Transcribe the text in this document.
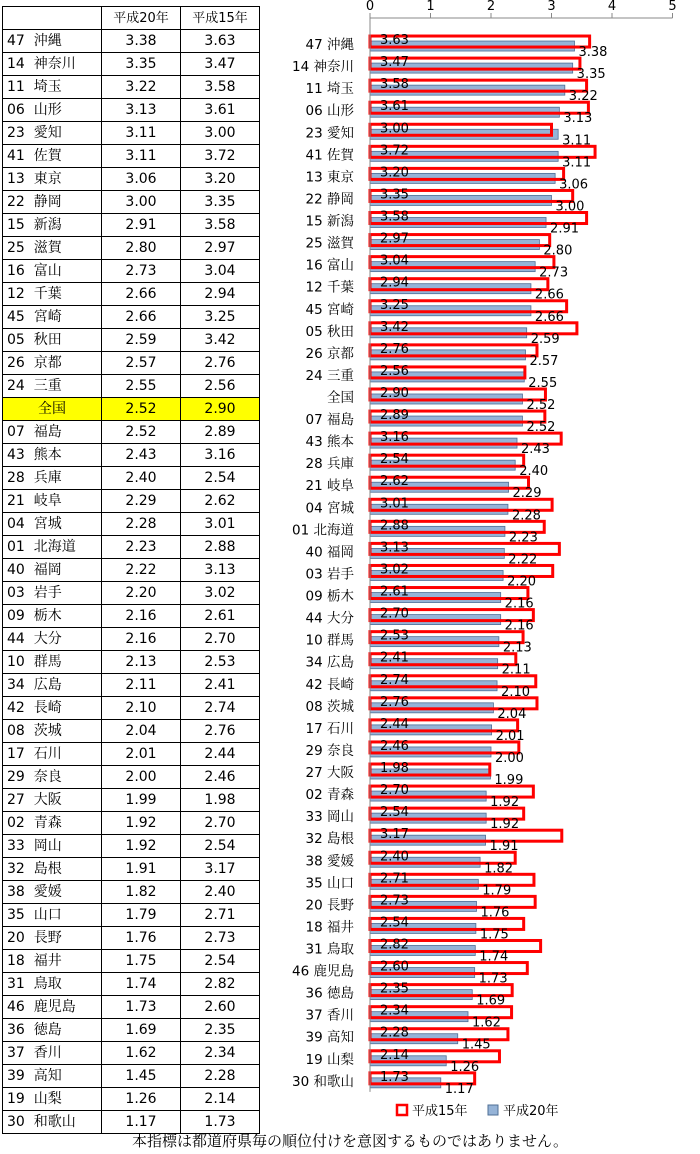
	平成20年	平成15年
47  沖縄	3.38	3.63
14  神奈川	3.35	3.47
11  埼玉	3.22	3.58
06  山形	3.13	3.61
23  愛知	3.11	3.00
41  佐賀	3.11	3.72
13  東京	3.06	3.20
22  静岡	3.00	3.35
15  新潟	2.91	3.58
25  滋賀	2.80	2.97
16  富山	2.73	3.04
12  千葉	2.66	2.94
45  宮崎	2.66	3.25
05  秋田	2.59	3.42
26  京都	2.57	2.76
24  三重	2.55	2.56
全国	2.52	2.90
07  福島	2.52	2.89
43  熊本	2.43	3.16
28  兵庫	2.40	2.54
21  岐阜	2.29	2.62
04  宮城	2.28	3.01
01  北海道	2.23	2.88
40  福岡	2.22	3.13
03  岩手	2.20	3.02
09  栃木	2.16	2.61
44  大分	2.16	2.70
10  群馬	2.13	2.53
34  広島	2.11	2.41
42  長崎	2.10	2.74
08  茨城	2.04	2.76
17  石川	2.01	2.44
29  奈良	2.00	2.46
27  大阪	1.99	1.98
02  青森	1.92	2.70
33  岡山	1.92	2.54
32  島根	1.91	3.17
38  愛媛	1.82	2.40
35  山口	1.79	2.71
20  長野	1.76	2.73
18  福井	1.75	2.54
31  鳥取	1.74	2.82
46  鹿児島	1.73	2.60
36  徳島	1.69	2.35
37  香川	1.62	2.34
39  高知	1.45	2.28
19  山梨	1.26	2.14
30  和歌山	1.17	1.73
0	1	2	3	4	5
47 沖縄 3.63
3.38
14 神奈川 3.47
3.35
11 埼玉 3.58
3.22
06 山形 3.61
3.13
23 愛知 3.00
3.11
41 佐賀 3.72
3.11
13 東京 3.20
3.06
22 静岡 3.35
3.00
15 新潟 3.58
2.91
25 滋賀 2.97
2.80
16 富山 3.04
2.73
12 千葉 2.94
2.66
45 宮崎 3.25
2.66
05 秋田 3.42
2.59
26 京都 2.76
2.57
24 三重 2.56
2.55
全国 2.90
2.52
07 福島 2.89
2.52
43 熊本 3.16
2.43
28 兵庫 2.54
2.40
21 岐阜 2.62
2.29
04 宮城 3.01
2.28
01 北海道 2.88
2.23
40 福岡 3.13
2.22
03 岩手 3.02
2.20
09 栃木 2.61
2.16
44 大分 2.70
2.16
10 群馬 2.53
2.13
34 広島 2.41
2.11
42 長崎 2.74
2.10
08 茨城 2.76
2.04
17 石川 2.44
2.01
29 奈良 2.46
2.00
27 大阪 1.98
1.99
02 青森 2.70
1.92
33 岡山 2.54
1.92
32 島根 3.17
1.91
38 愛媛 2.40
1.82
35 山口 2.71
1.79
20 長野 2.73
1.76
18 福井 2.54
1.75
31 鳥取 2.82
1.74
46 鹿児島 2.60
1.73
36 徳島 2.35
1.69
37 香川 2.34
1.62
39 高知 2.28
1.45
19 山梨 2.14
1.26
30 和歌山 1.73
1.17
平成15年	平成20年
本指標は都道府県毎の順位付けを意図するものではありません。
